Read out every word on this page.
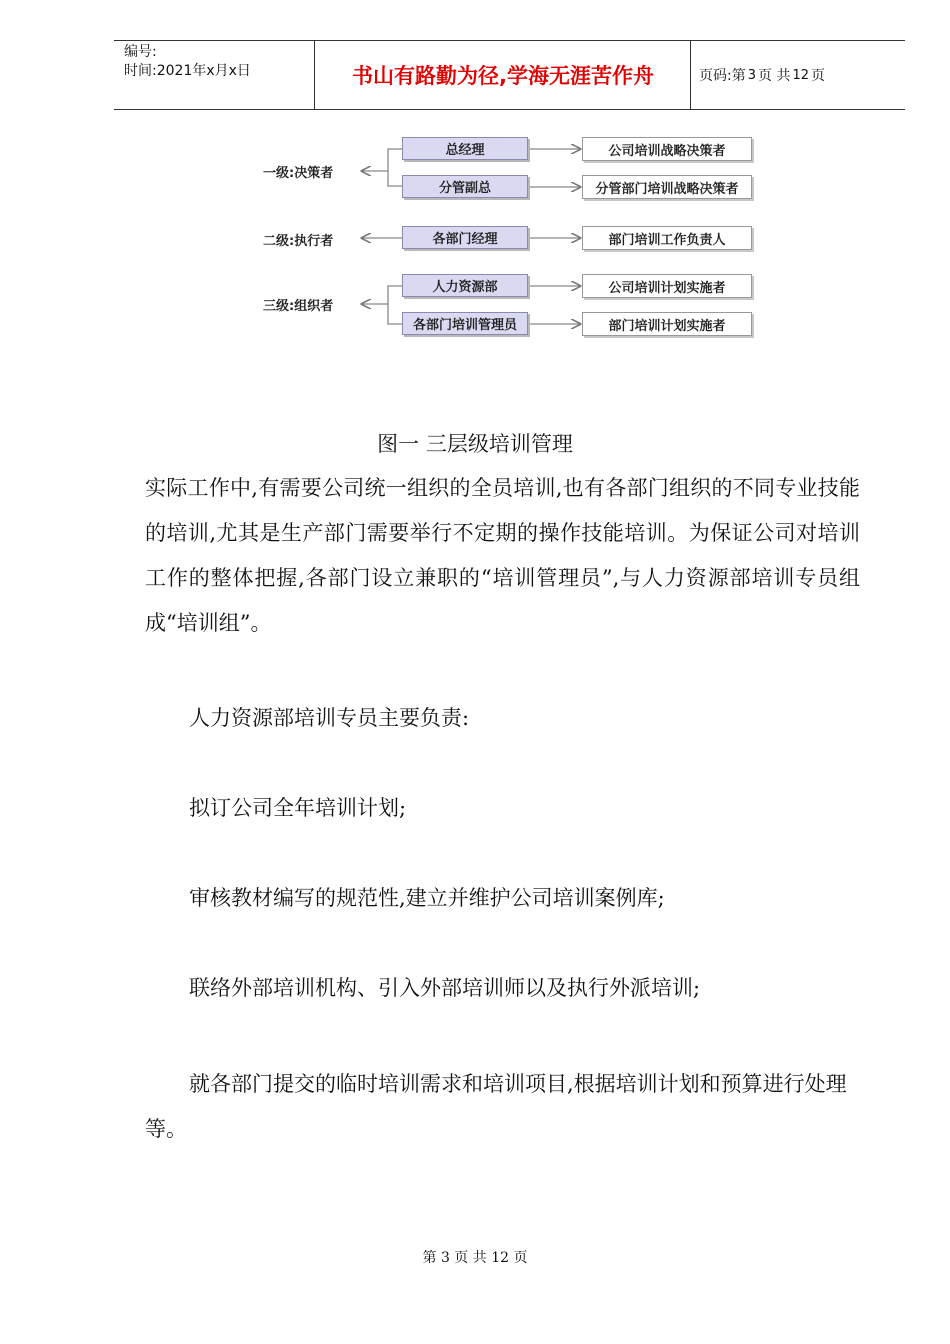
编号:
时间:2021年x月x日	书山有路勤为径,学海无涯苦作舟	页码:第 3 页 共 12 页
一级:决策者
二级:执行者
三级:组织者
总经理
分管副总
各部门经理
人力资源部
各部门培训管理员
公司培训战略决策者
分管部门培训战略决策者
部门培训工作负责人
公司培训计划实施者
部门培训计划实施者
图一 三层级培训管理
实际工作中,有需要公司统一组织的全员培训,也有各部门组织的不同专业技能的培训,尤其是生产部门需要举行不定期的操作技能培训。为保证公司对培训工作的整体把握,各部门设立兼职的“培训管理员”,与人力资源部培训专员组成“培训组”。
人力资源部培训专员主要负责:
拟订公司全年培训计划;
审核教材编写的规范性,建立并维护公司培训案例库;
联络外部培训机构、引入外部培训师以及执行外派培训;
就各部门提交的临时培训需求和培训项目,根据培训计划和预算进行处理等。
第 3 页 共 12 页
